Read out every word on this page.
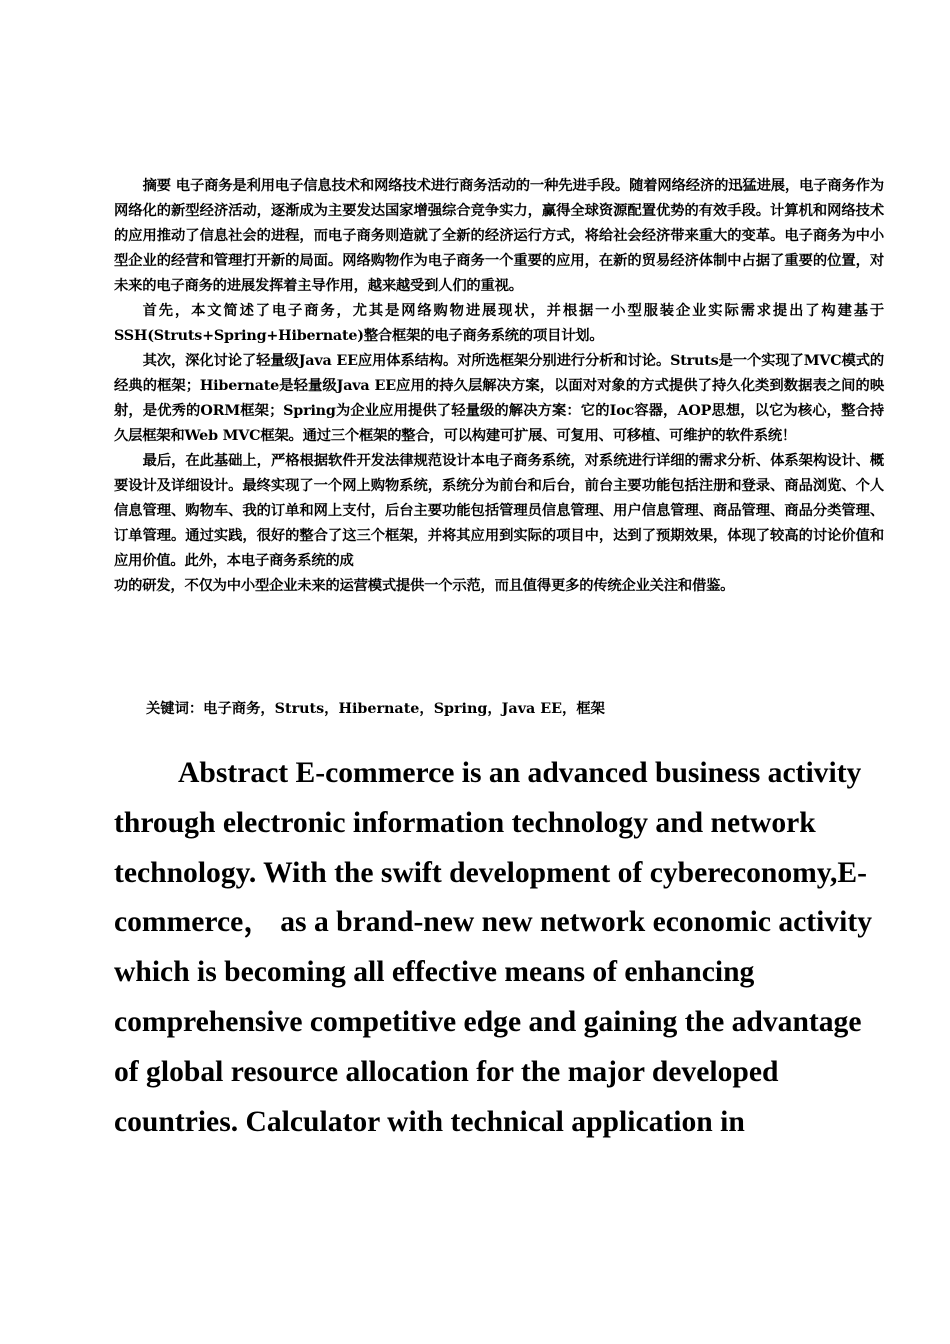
摘要 电子商务是利用电子信息技术和网络技术进行商务活动的一种先进手段。随着网络经济的迅猛进展，电子商务作为网络化的新型经济活动，逐渐成为主要发达国家增强综合竞争实力，赢得全球资源配置优势的有效手段。计算机和网络技术的应用推动了信息社会的进程，而电子商务则造就了全新的经济运行方式，将给社会经济带来重大的变革。电子商务为中小型企业的经营和管理打开新的局面。网络购物作为电子商务一个重要的应用，在新的贸易经济体制中占据了重要的位置，对未来的电子商务的进展发挥着主导作用，越来越受到人们的重视。

首先，本文简述了电子商务，尤其是网络购物进展现状，并根据一小型服装企业实际需求提出了构建基于SSH(Struts+Spring+Hibernate)整合框架的电子商务系统的项目计划。

其次，深化讨论了轻量级Java EE应用体系结构。对所选框架分别进行分析和讨论。Struts是一个实现了MVC模式的经典的框架；Hibernate是轻量级Java EE应用的持久层解决方案，以面对对象的方式提供了持久化类到数据表之间的映射，是优秀的ORM框架；Spring为企业应用提供了轻量级的解决方案：它的Ioc容器，AOP思想，以它为核心，整合持久层框架和Web MVC框架。通过三个框架的整合，可以构建可扩展、可复用、可移植、可维护的软件系统！

最后，在此基础上，严格根据软件开发法律规范设计本电子商务系统，对系统进行详细的需求分析、体系架构设计、概要设计及详细设计。最终实现了一个网上购物系统，系统分为前台和后台，前台主要功能包括注册和登录、商品浏览、个人信息管理、购物车、我的订单和网上支付，后台主要功能包括管理员信息管理、用户信息管理、商品管理、商品分类管理、订单管理。通过实践，很好的整合了这三个框架，并将其应用到实际的项目中，达到了预期效果，体现了较高的讨论价值和应用价值。此外，本电子商务系统的成

功的研发，不仅为中小型企业未来的运营模式提供一个示范，而且值得更多的传统企业关注和借鉴。

关键词：电子商务，Struts，Hibernate，Spring，Java EE，框架

Abstract E-commerce is an advanced business activity through electronic information technology and network technology. With the swift development of cybereconomy,E-commerce， as a brand-new new network economic activity which is becoming all effective means of enhancing comprehensive competitive edge and gaining the advantage of global resource allocation for the major developed countries. Calculator with technical application in
